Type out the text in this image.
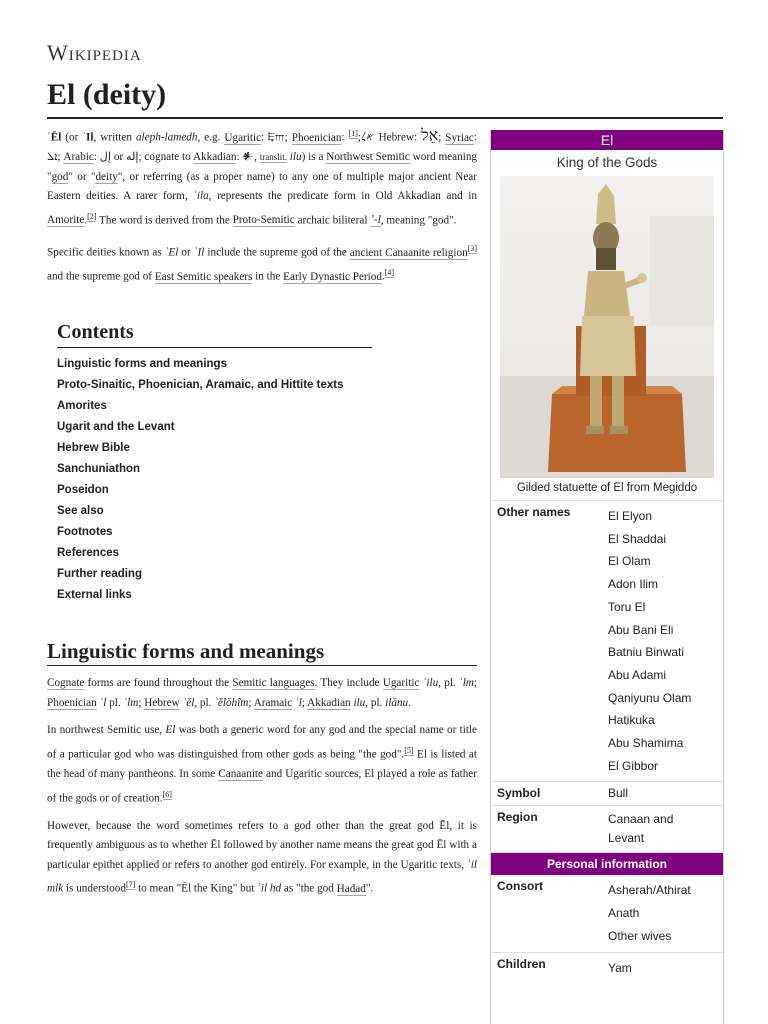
Wikipedia
El (deity)

ʾĒl (or ʾIl, written aleph-lamedh, e.g. Ugaritic: 𐎛𐎍; Phoenician: 𐤀𐤋;[1] Hebrew: אֵל; Syriac: ܐܠ; Arabic: إل or إله; cognate to Akkadian: 𒀭, translit. ilu) is a Northwest Semitic word meaning "god" or "deity", or referring (as a proper name) to any one of multiple major ancient Near Eastern deities. A rarer form, ʾila, represents the predicate form in Old Akkadian and in Amorite.[2] The word is derived from the Proto-Semitic archaic biliteral ʼ-l, meaning "god".

Specific deities known as ʾEl or ʾIl include the supreme god of the ancient Canaanite religion[3] and the supreme god of East Semitic speakers in the Early Dynastic Period.[4]

Contents
Linguistic forms and meanings
Proto-Sinaitic, Phoenician, Aramaic, and Hittite texts
Amorites
Ugarit and the Levant
Hebrew Bible
Sanchuniathon
Poseidon
See also
Footnotes
References
Further reading
External links
Linguistic forms and meanings

Cognate forms are found throughout the Semitic languages. They include Ugaritic ʾilu, pl. ʾlm; Phoenician ʾl pl. ʾlm; Hebrew ʾēl, pl. ʾĕlōhîm; Aramaic ʾl; Akkadian ilu, pl. ilānu.

In northwest Semitic use, El was both a generic word for any god and the special name or title of a particular god who was distinguished from other gods as being "the god".[5] El is listed at the head of many pantheons. In some Canaanite and Ugaritic sources, El played a role as father of the gods or of creation.[6]

However, because the word sometimes refers to a god other than the great god Ēl, it is frequently ambiguous as to whether Ēl followed by another name means the great god Ēl with a particular epithet applied or refers to another god entirely. For example, in the Ugaritic texts, ʾil mlk is understood[7] to mean "Ēl the King" but ʾil hd as "the god Hadad".

El
King of the Gods
Gilded statuette of El from Megiddo
Other names	El Elyon
El Shaddai
El Olam
Adon Ilim
Toru El
Abu Bani Eli
Batniu Binwati
Abu Adami
Qaniyunu Olam
Hatikuka
Abu Shamima
El Gibbor
Symbol	Bull
Region	Canaan and Levant
Personal information
Consort	Asherah/Athirat
Anath
Other wives
Children	Yam
